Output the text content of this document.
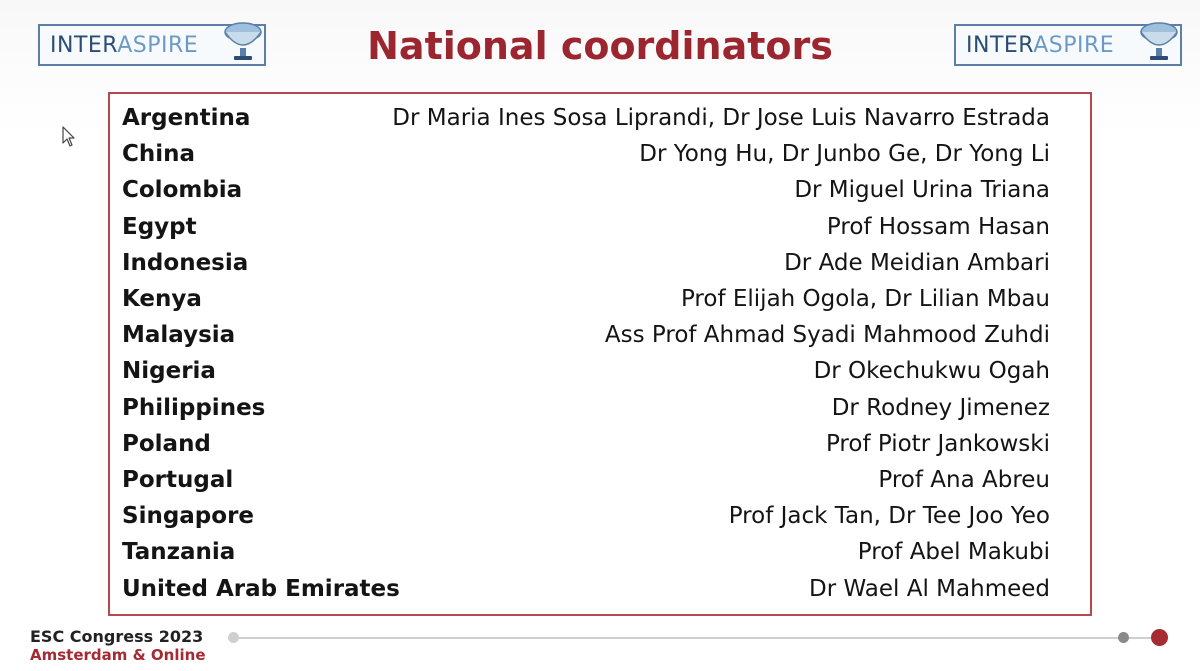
INTERASPIRE	INTERASPIRE
National coordinators
Argentina	Dr Maria Ines Sosa Liprandi, Dr Jose Luis Navarro Estrada
China	Dr Yong Hu, Dr Junbo Ge, Dr Yong Li
Colombia	Dr Miguel Urina Triana
Egypt	Prof Hossam Hasan
Indonesia	Dr Ade Meidian Ambari
Kenya	Prof Elijah Ogola, Dr Lilian Mbau
Malaysia	Ass Prof Ahmad Syadi Mahmood Zuhdi
Nigeria	Dr Okechukwu Ogah
Philippines	Dr Rodney Jimenez
Poland	Prof Piotr Jankowski
Portugal	Prof Ana Abreu
Singapore	Prof Jack Tan, Dr Tee Joo Yeo
Tanzania	Prof Abel Makubi
United Arab Emirates	Dr Wael Al Mahmeed
ESC Congress 2023
Amsterdam & Online
